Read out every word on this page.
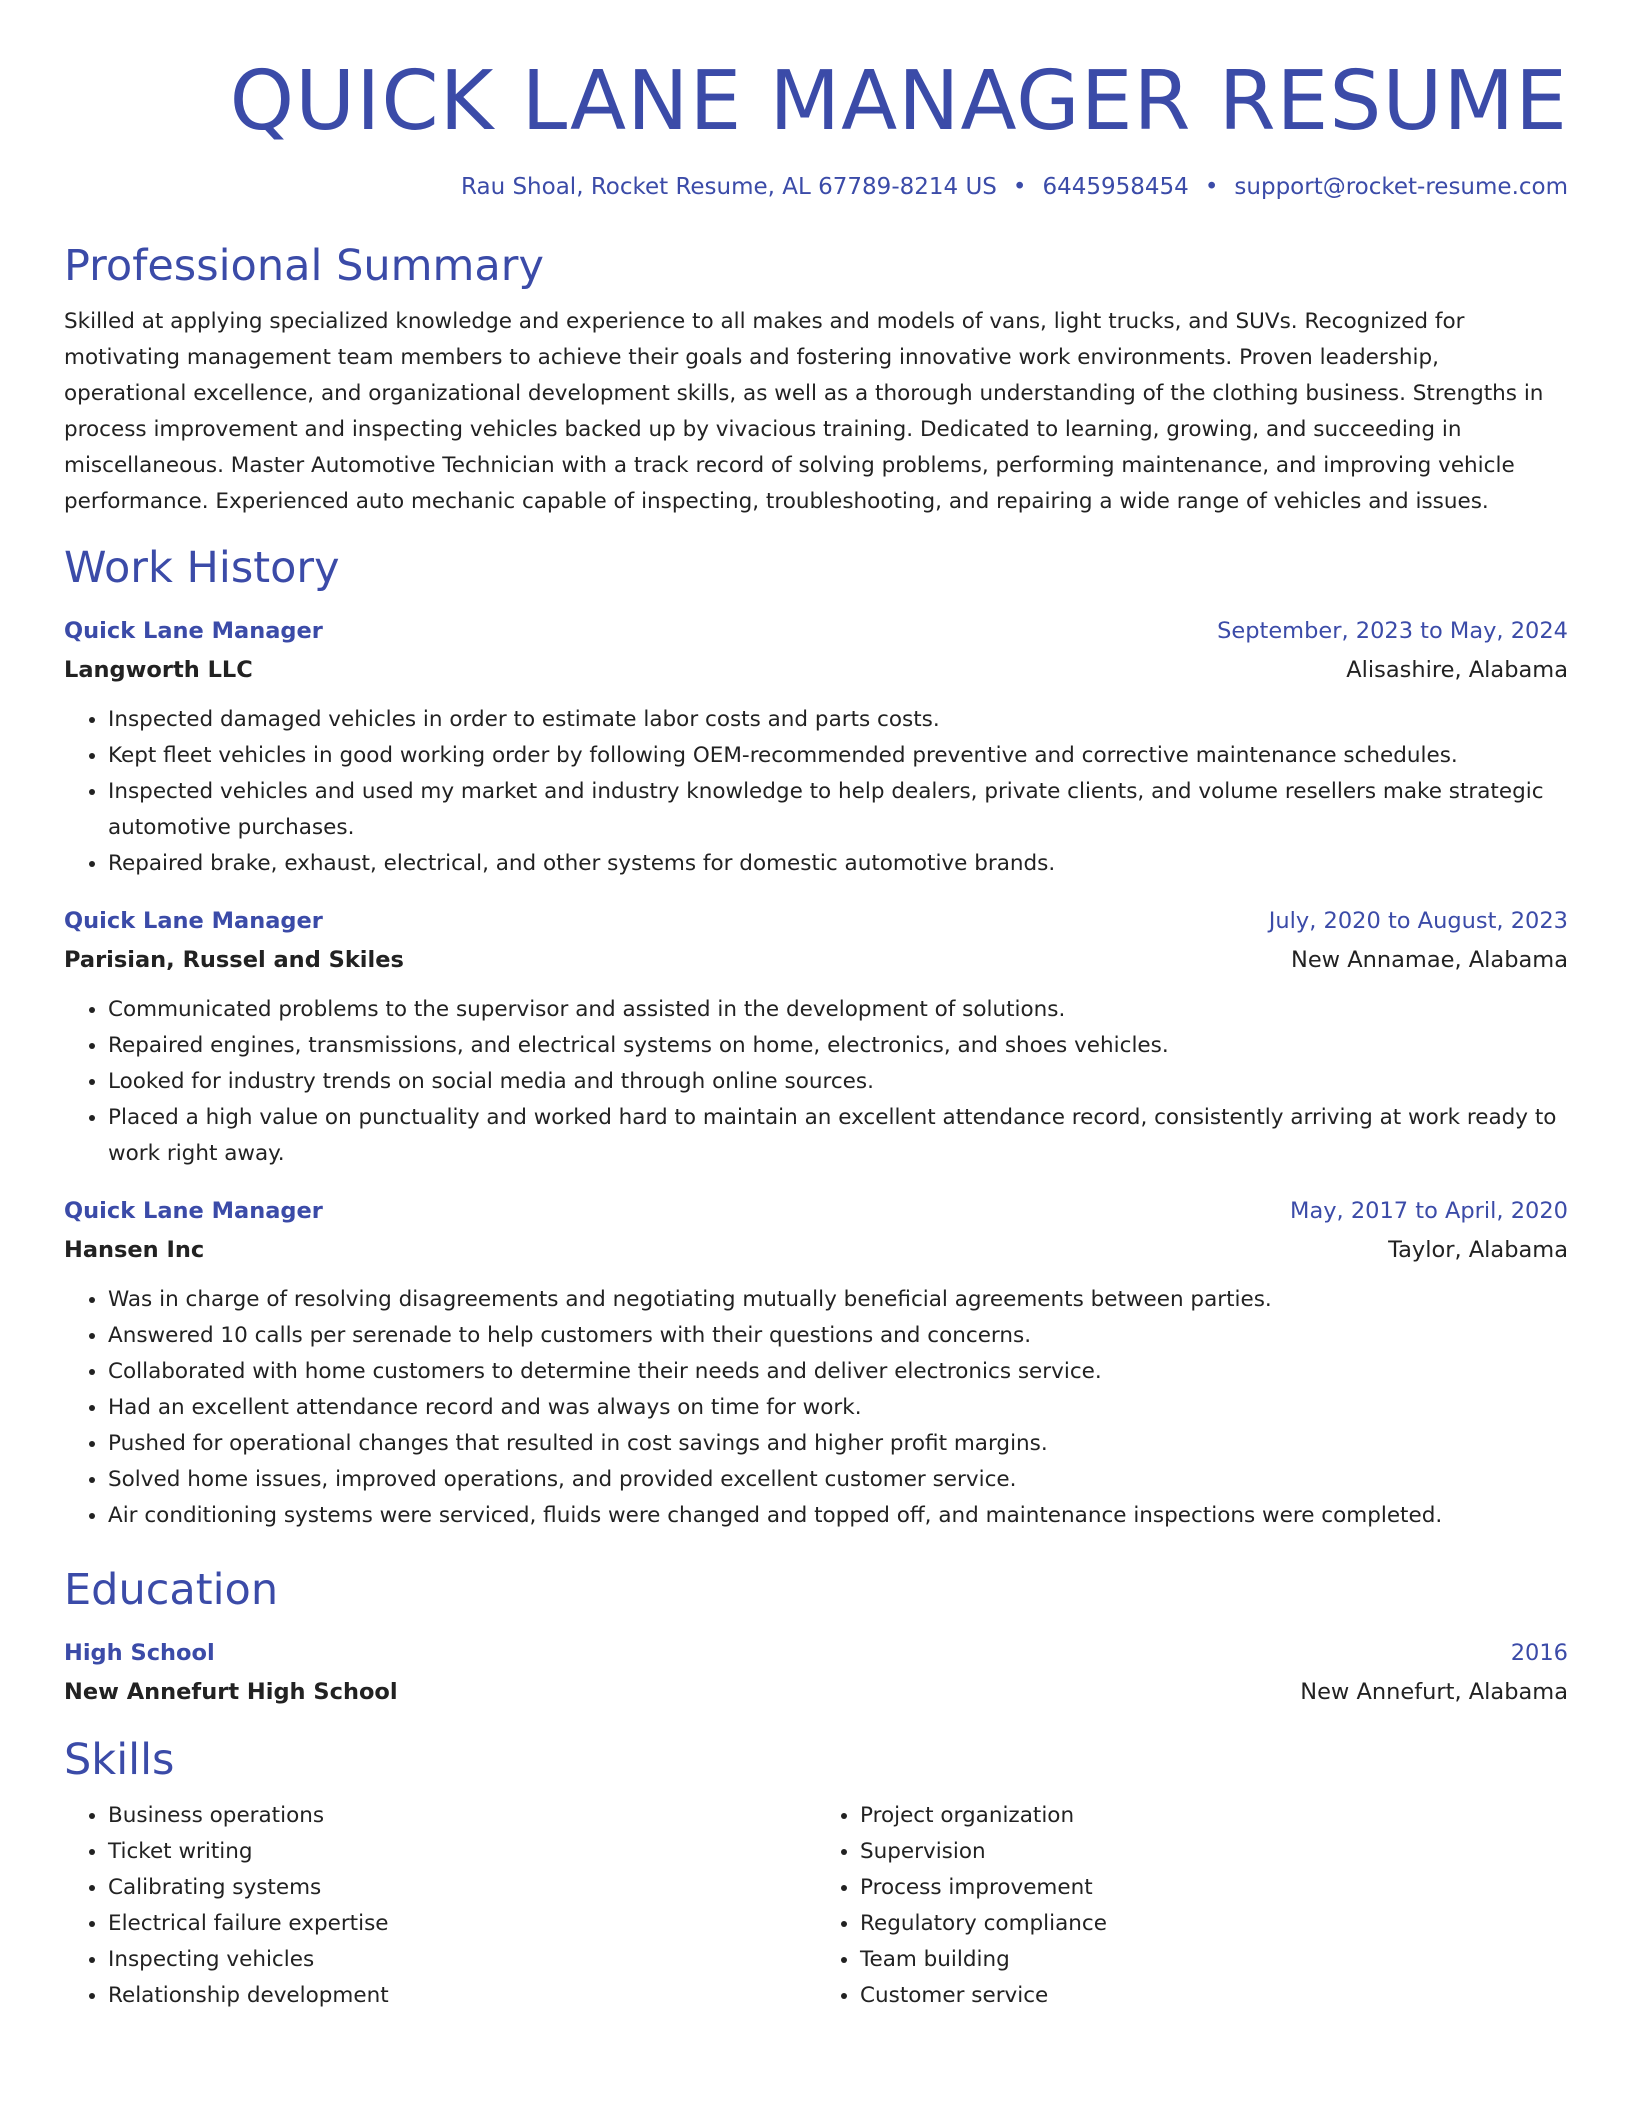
QUICK LANE MANAGER RESUME
Rau Shoal, Rocket Resume, AL 67789-8214 US • 6445958454 • support@rocket-resume.com
Professional Summary
Skilled at applying specialized knowledge and experience to all makes and models of vans, light trucks, and SUVs. Recognized for motivating management team members to achieve their goals and fostering innovative work environments. Proven leadership, operational excellence, and organizational development skills, as well as a thorough understanding of the clothing business. Strengths in process improvement and inspecting vehicles backed up by vivacious training. Dedicated to learning, growing, and succeeding in miscellaneous. Master Automotive Technician with a track record of solving problems, performing maintenance, and improving vehicle performance. Experienced auto mechanic capable of inspecting, troubleshooting, and repairing a wide range of vehicles and issues.
Work History
Quick Lane Manager	September, 2023 to May, 2024
Langworth LLC	Alisashire, Alabama
• Inspected damaged vehicles in order to estimate labor costs and parts costs.
• Kept fleet vehicles in good working order by following OEM-recommended preventive and corrective maintenance schedules.
• Inspected vehicles and used my market and industry knowledge to help dealers, private clients, and volume resellers make strategic automotive purchases.
• Repaired brake, exhaust, electrical, and other systems for domestic automotive brands.
Quick Lane Manager	July, 2020 to August, 2023
Parisian, Russel and Skiles	New Annamae, Alabama
• Communicated problems to the supervisor and assisted in the development of solutions.
• Repaired engines, transmissions, and electrical systems on home, electronics, and shoes vehicles.
• Looked for industry trends on social media and through online sources.
• Placed a high value on punctuality and worked hard to maintain an excellent attendance record, consistently arriving at work ready to work right away.
Quick Lane Manager	May, 2017 to April, 2020
Hansen Inc	Taylor, Alabama
• Was in charge of resolving disagreements and negotiating mutually beneficial agreements between parties.
• Answered 10 calls per serenade to help customers with their questions and concerns.
• Collaborated with home customers to determine their needs and deliver electronics service.
• Had an excellent attendance record and was always on time for work.
• Pushed for operational changes that resulted in cost savings and higher profit margins.
• Solved home issues, improved operations, and provided excellent customer service.
• Air conditioning systems were serviced, fluids were changed and topped off, and maintenance inspections were completed.
Education
High School	2016
New Annefurt High School	New Annefurt, Alabama
Skills
• Business operations
• Ticket writing
• Calibrating systems
• Electrical failure expertise
• Inspecting vehicles
• Relationship development
• Project organization
• Supervision
• Process improvement
• Regulatory compliance
• Team building
• Customer service
